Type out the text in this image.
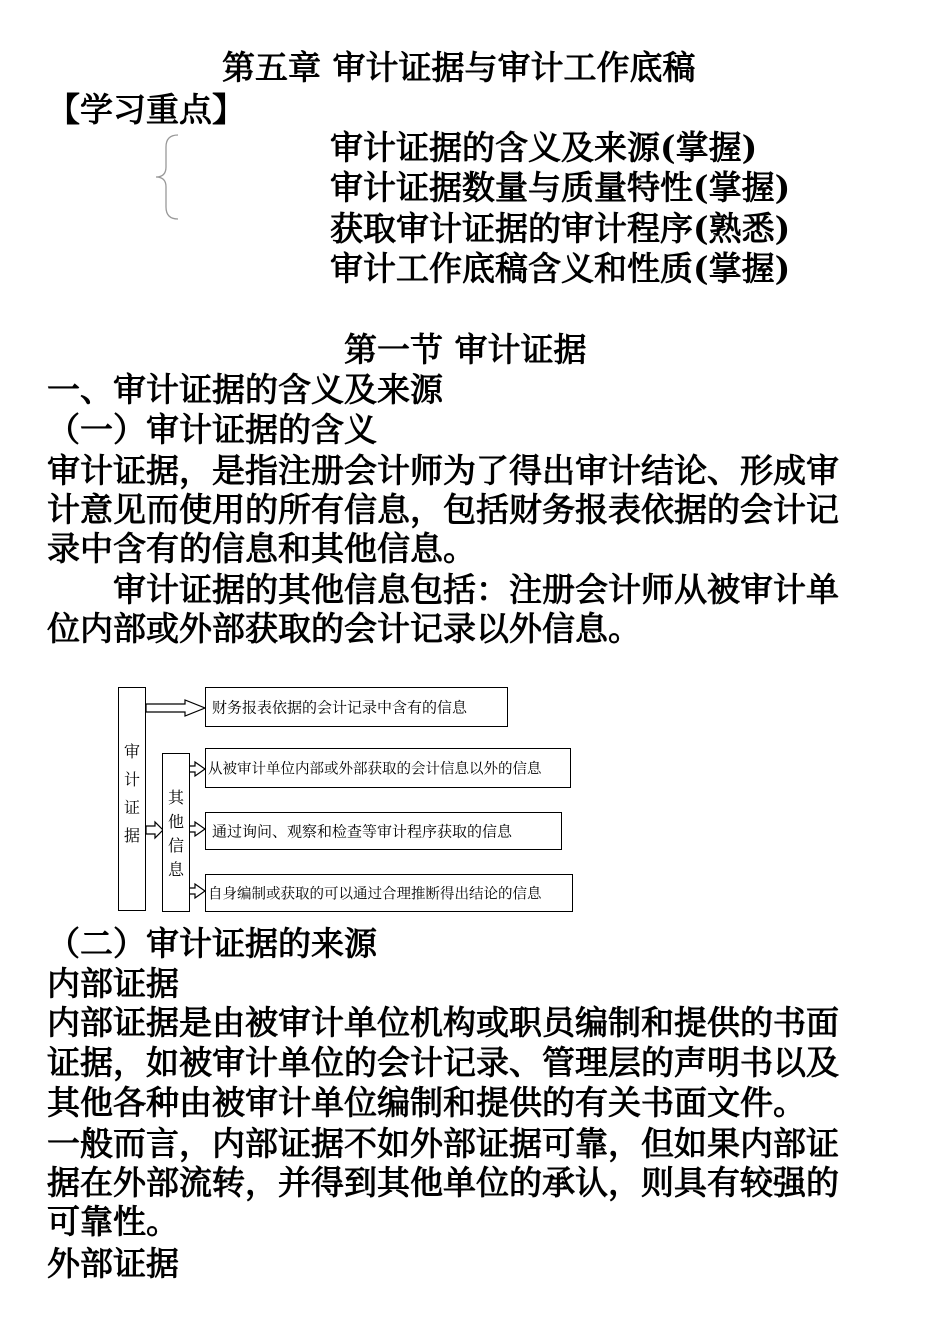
第五章 审计证据与审计工作底稿
【学习重点】
审计证据的含义及来源(掌握)
审计证据数量与质量特性(掌握)
获取审计证据的审计程序(熟悉)
审计工作底稿含义和性质(掌握)
第一节 审计证据
一、审计证据的含义及来源
（一）审计证据的含义
审计证据，是指注册会计师为了得出审计结论、形成审
计意见而使用的所有信息，包括财务报表依据的会计记
录中含有的信息和其他信息。
　　审计证据的其他信息包括：注册会计师从被审计单
位内部或外部获取的会计记录以外信息。
审
计
证
据
其
他
信
息
财务报表依据的会计记录中含有的信息
从被审计单位内部或外部获取的会计信息以外的信息
通过询问、观察和检查等审计程序获取的信息
自身编制或获取的可以通过合理推断得出结论的信息
（二）审计证据的来源
内部证据
内部证据是由被审计单位机构或职员编制和提供的书面
证据，如被审计单位的会计记录、管理层的声明书以及
其他各种由被审计单位编制和提供的有关书面文件。
一般而言，内部证据不如外部证据可靠，但如果内部证
据在外部流转，并得到其他单位的承认，则具有较强的
可靠性。
外部证据
